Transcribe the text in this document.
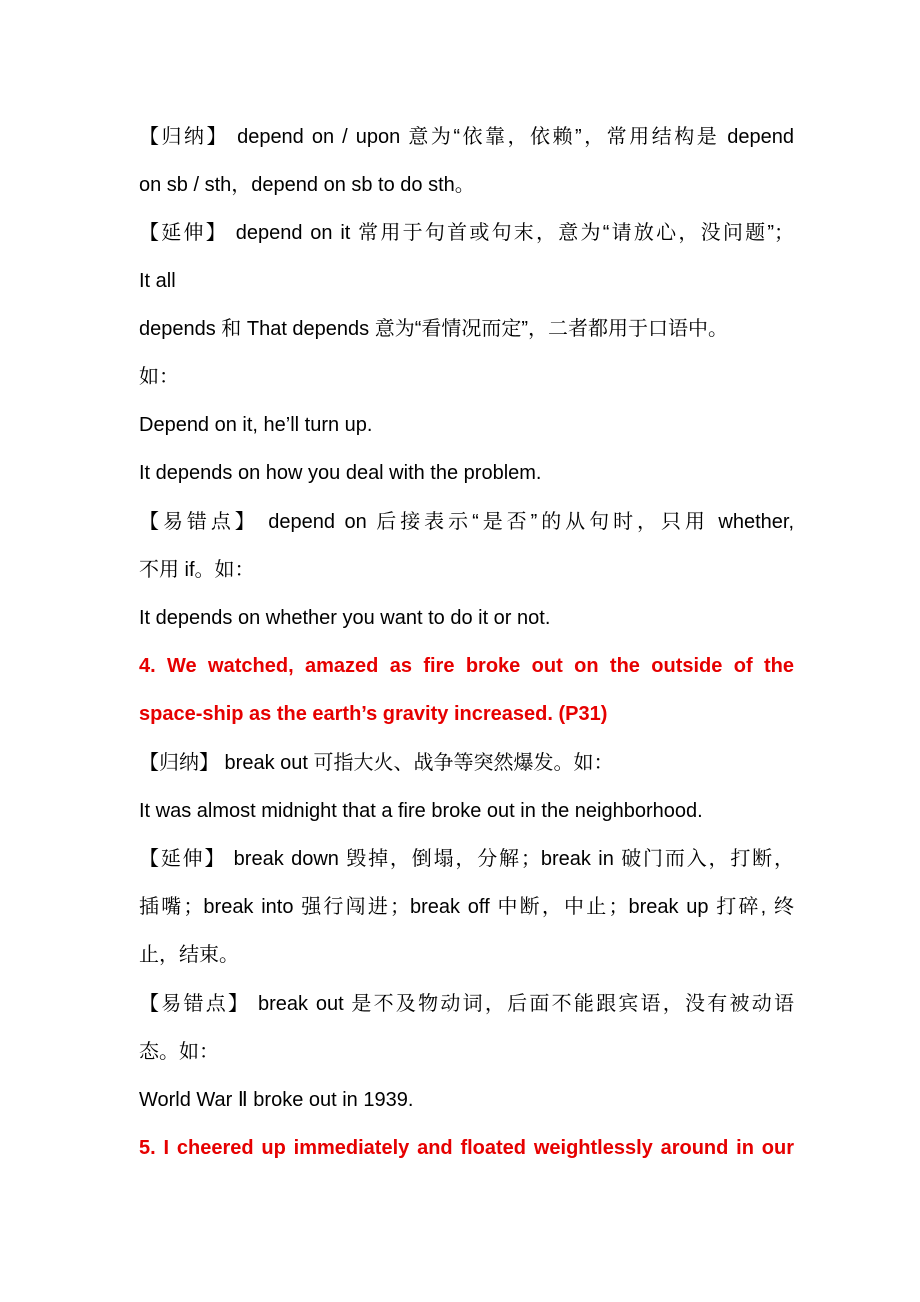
【归纳】 depend on / upon 意为“依靠，依赖”，常用结构是 depend
on sb / sth，depend on sb to do sth。
【延伸】 depend on it 常用于句首或句末，意为“请放心，没问题”；
It all
depends 和 That depends 意为“看情况而定”，二者都用于口语中。
如：
Depend on it, he’ll turn up.
It depends on how you deal with the problem.
【易错点】 depend on 后接表示“是否”的从句时，只用 whether,
不用 if。如：
It depends on whether you want to do it or not.
4. We watched, amazed as fire broke out on the outside of the
space-ship as the earth’s gravity increased. (P31)
【归纳】 break out 可指大火、战争等突然爆发。如：
It was almost midnight that a fire broke out in the neighborhood.
【延伸】 break down 毁掉，倒塌，分解；break in 破门而入，打断，
插嘴；break into 强行闯进；break off 中断，中止；break up 打碎, 终
止，结束。
【易错点】 break out 是不及物动词，后面不能跟宾语，没有被动语
态。如：
World War Ⅱ broke out in 1939.
5. I cheered up immediately and floated weightlessly around in our
